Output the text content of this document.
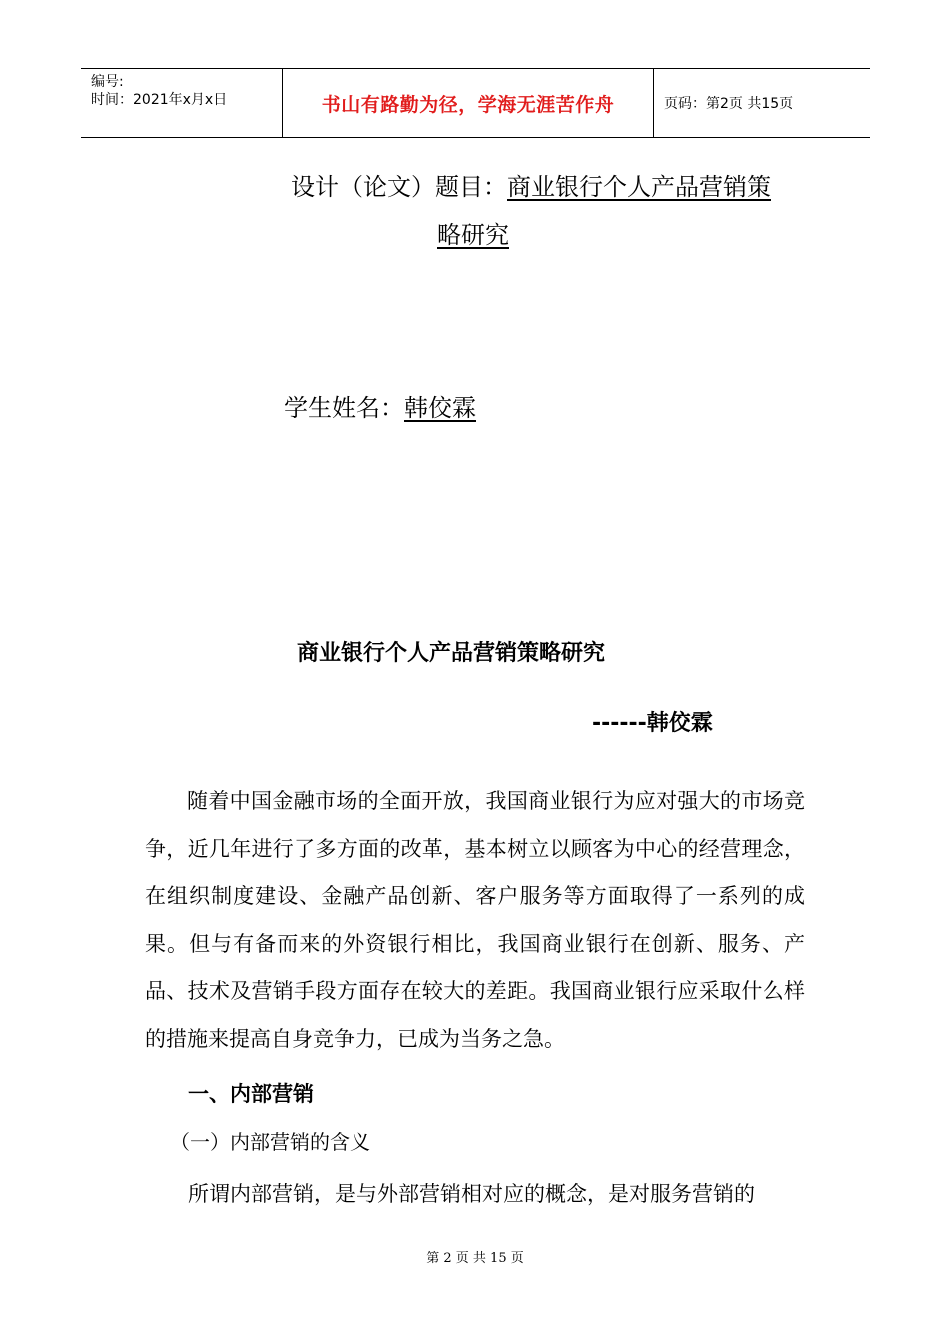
编号:
时间：2021年x月x日	书山有路勤为径，学海无涯苦作舟	页码：第2页 共15页
设计（论文）题目：商业银行个人产品营销策
略研究
学生姓名：韩佼霖
商业银行个人产品营销策略研究
------韩佼霖
随着中国金融市场的全面开放，我国商业银行为应对强大的市场竞争，近几年进行了多方面的改革，基本树立以顾客为中心的经营理念，在组织制度建设、金融产品创新、客户服务等方面取得了一系列的成果。但与有备而来的外资银行相比，我国商业银行在创新、服务、产品、技术及营销手段方面存在较大的差距。我国商业银行应采取什么样的措施来提高自身竞争力，已成为当务之急。
一、内部营销
（一）内部营销的含义
所谓内部营销，是与外部营销相对应的概念，是对服务营销的
第 2 页 共 15 页
